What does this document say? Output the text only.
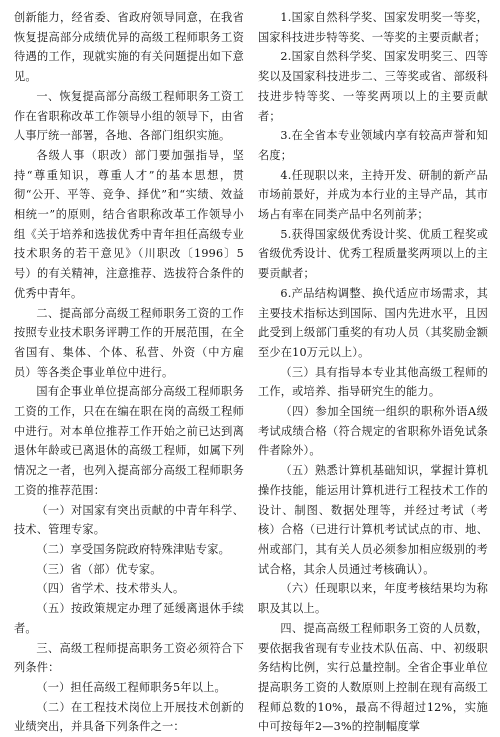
创新能力，经省委、省政府领导同意，在我省恢复提高部分成绩优异的高级工程师职务工资待遇的工作，现就实施的有关问题提出如下意见。

一、恢复提高部分高级工程师职务工资工作在省职称改革工作领导小组的领导下，由省人事厅统一部署，各地、各部门组织实施。

各级人事（职改）部门要加强指导，坚持“尊重知识，尊重人才”的基本思想，贯彻“公开、平等、竞争、择优”和“实绩、效益相统一”的原则，结合省职称改革工作领导小组《关于培养和选拔优秀中青年担任高级专业技术职务的若干意见》（川职改〔1996〕5号）的有关精神，注意推荐、选拔符合条件的优秀中青年。

二、提高部分高级工程师职务工资的工作按照专业技术职务评聘工作的开展范围，在全省国有、集体、个体、私营、外资（中方雇员）等各类企事业单位中进行。

国有企事业单位提高部分高级工程师职务工资的工作，只在在编在职在岗的高级工程师中进行。对本单位推荐工作开始之前已达到离退休年龄或已离退休的高级工程师，如属下列情况之一者，也列入提高部分高级工程师职务工资的推荐范围：

（一）对国家有突出贡献的中青年科学、技术、管理专家。

（二）享受国务院政府特殊津贴专家。

（三）省（部）优专家。

（四）省学术、技术带头人。

（五）按政策规定办理了延缓离退休手续者。

三、高级工程师提高职务工资必须符合下列条件：

（一）担任高级工程师职务5年以上。

（二）在工程技术岗位上开展技术创新的业绩突出，并具备下列条件之一：

1.国家自然科学奖、国家发明奖一等奖，国家科技进步特等奖、一等奖的主要贡献者；

2.国家自然科学奖、国家发明奖三、四等奖以及国家科技进步二、三等奖或省、部级科技进步特等奖、一等奖两项以上的主要贡献者；

3.在全省本专业领域内享有较高声誉和知名度；

4.任现职以来，主持开发、研制的新产品市场前景好，并成为本行业的主导产品，其市场占有率在同类产品中名列前茅；

5.获得国家级优秀设计奖、优质工程奖或省级优秀设计、优秀工程质量奖两项以上的主要贡献者；

6.产品结构调整、换代适应市场需求，其主要技术指标达到国际、国内先进水平，且因此受到上级部门重奖的有功人员（其奖励金额至少在10万元以上）。

（三）具有指导本专业其他高级工程师的工作，或培养、指导研究生的能力。

（四）参加全国统一组织的职称外语A级考试成绩合格（符合规定的省职称外语免试条件者除外）。

（五）熟悉计算机基础知识，掌握计算机操作技能，能运用计算机进行工程技术工作的设计、制图、数据处理等，并经过考试（考核）合格（已进行计算机考试试点的市、地、州或部门，其有关人员必须参加相应级别的考试合格，其余人员通过考核确认）。

（六）任现职以来，年度考核结果均为称职及其以上。

四、提高高级工程师职务工资的人员数，要依据我省现有专业技术队伍高、中、初级职务结构比例，实行总量控制。全省企事业单位提高职务工资的人数原则上控制在现有高级工程师总数的10%，最高不得超过12%，实施中可按每年2—3%的控制幅度掌
